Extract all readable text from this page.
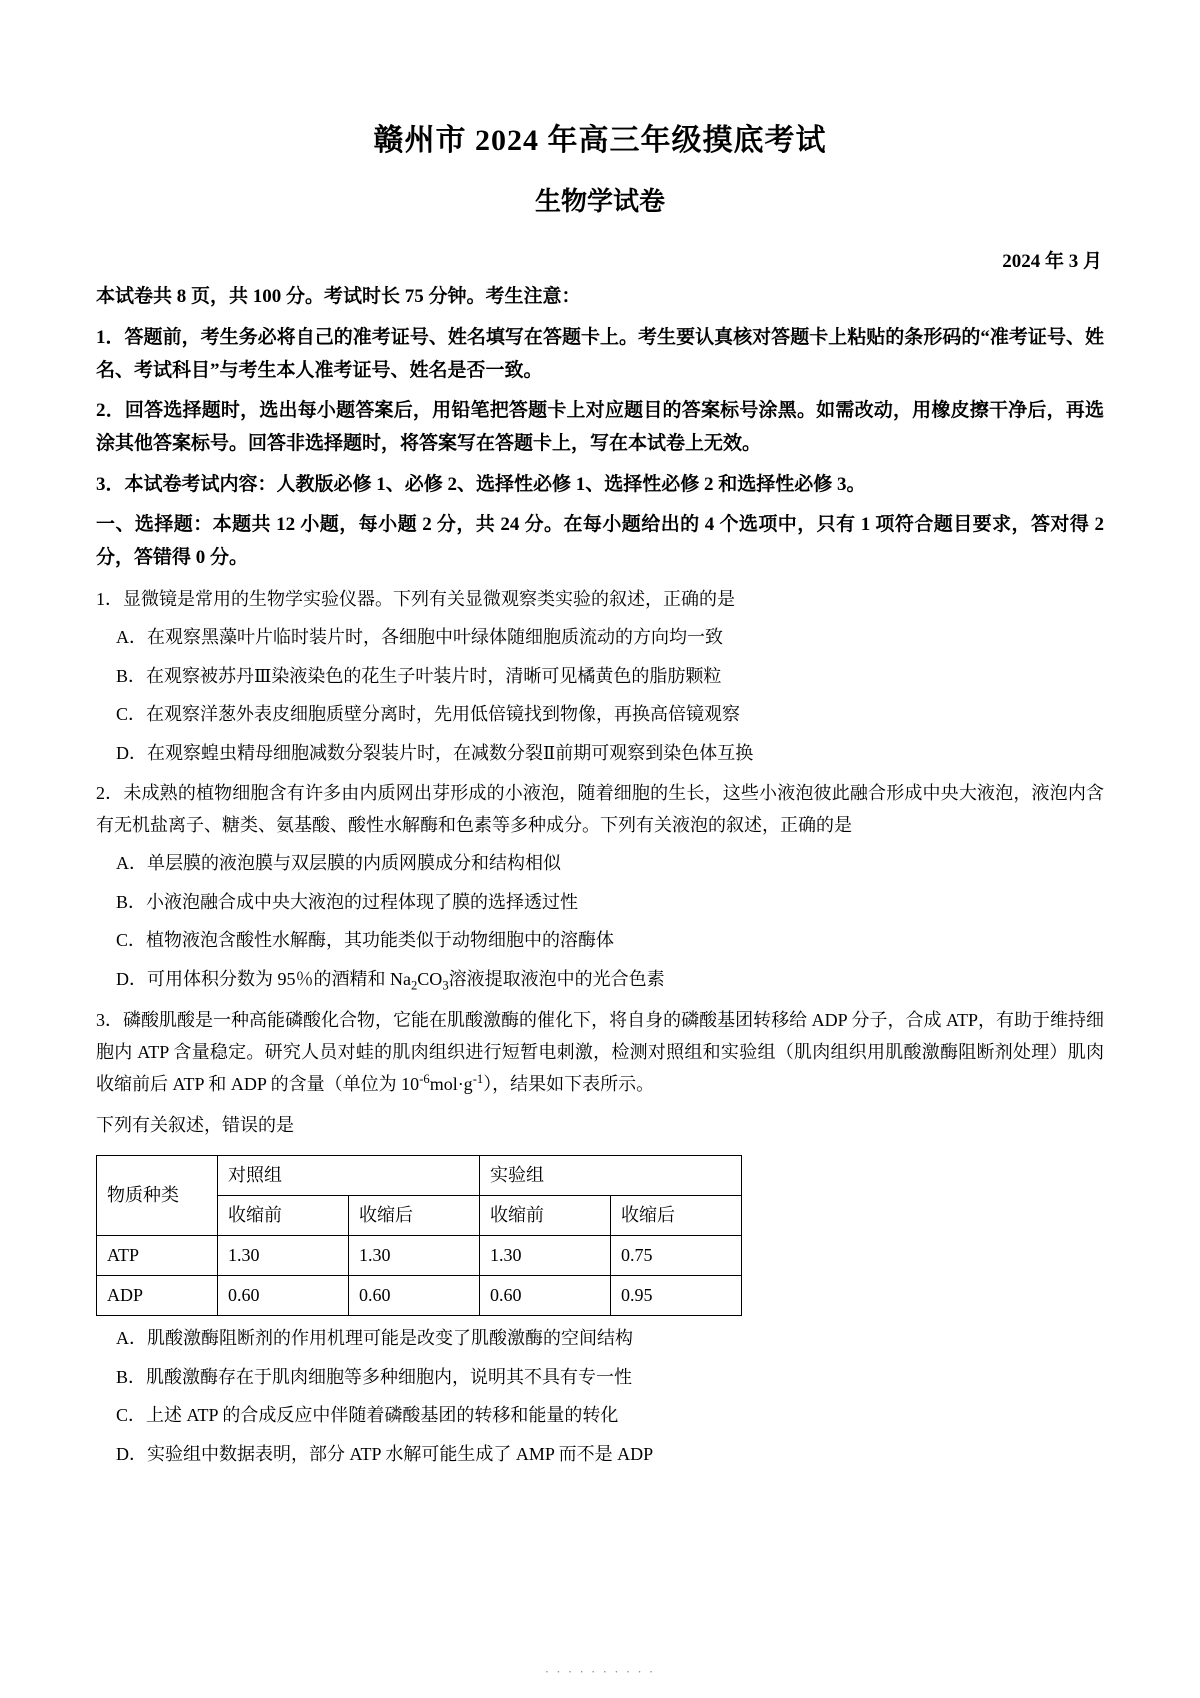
赣州市 2024 年高三年级摸底考试
生物学试卷
2024 年 3 月
本试卷共 8 页，共 100 分。考试时长 75 分钟。考生注意：
1．答题前，考生务必将自己的准考证号、姓名填写在答题卡上。考生要认真核对答题卡上粘贴的条形码的“准考证号、姓名、考试科目”与考生本人准考证号、姓名是否一致。
2．回答选择题时，选出每小题答案后，用铅笔把答题卡上对应题目的答案标号涂黑。如需改动，用橡皮擦干净后，再选涂其他答案标号。回答非选择题时，将答案写在答题卡上，写在本试卷上无效。
3．本试卷考试内容：人教版必修 1、必修 2、选择性必修 1、选择性必修 2 和选择性必修 3。
一、选择题：本题共 12 小题，每小题 2 分，共 24 分。在每小题给出的 4 个选项中，只有 1 项符合题目要求，答对得 2 分，答错得 0 分。
1．显微镜是常用的生物学实验仪器。下列有关显微观察类实验的叙述，正确的是
A．在观察黑藻叶片临时装片时，各细胞中叶绿体随细胞质流动的方向均一致
B．在观察被苏丹Ⅲ染液染色的花生子叶装片时，清晰可见橘黄色的脂肪颗粒
C．在观察洋葱外表皮细胞质壁分离时，先用低倍镜找到物像，再换高倍镜观察
D．在观察蝗虫精母细胞减数分裂装片时，在减数分裂Ⅱ前期可观察到染色体互换
2．未成熟的植物细胞含有许多由内质网出芽形成的小液泡，随着细胞的生长，这些小液泡彼此融合形成中央大液泡，液泡内含有无机盐离子、糖类、氨基酸、酸性水解酶和色素等多种成分。下列有关液泡的叙述，正确的是
A．单层膜的液泡膜与双层膜的内质网膜成分和结构相似
B．小液泡融合成中央大液泡的过程体现了膜的选择透过性
C．植物液泡含酸性水解酶，其功能类似于动物细胞中的溶酶体
D．可用体积分数为 95％的酒精和 $Na_2CO_3$溶液提取液泡中的光合色素
3．磷酸肌酸是一种高能磷酸化合物，它能在肌酸激酶的催化下，将自身的磷酸基团转移给 ADP 分子，合成 ATP，有助于维持细胞内 ATP 含量稳定。研究人员对蛙的肌肉组织进行短暂电刺激，检测对照组和实验组（肌肉组织用肌酸激酶阻断剂处理）肌肉收缩前后 ATP 和 ADP 的含量（单位为 $10^{-6}mol\cdot g^{-1}$），结果如下表所示。
下列有关叙述，错误的是
物质种类	对照组		实验组	
	收缩前	收缩后	收缩前	收缩后
ATP	1.30	1.30	1.30	0.75
ADP	0.60	0.60	0.60	0.95
A．肌酸激酶阻断剂的作用机理可能是改变了肌酸激酶的空间结构
B．肌酸激酶存在于肌肉细胞等多种细胞内，说明其不具有专一性
C．上述 ATP 的合成反应中伴随着磷酸基团的转移和能量的转化
D．实验组中数据表明，部分 ATP 水解可能生成了 AMP 而不是 ADP
· · · · · · · · · ·
